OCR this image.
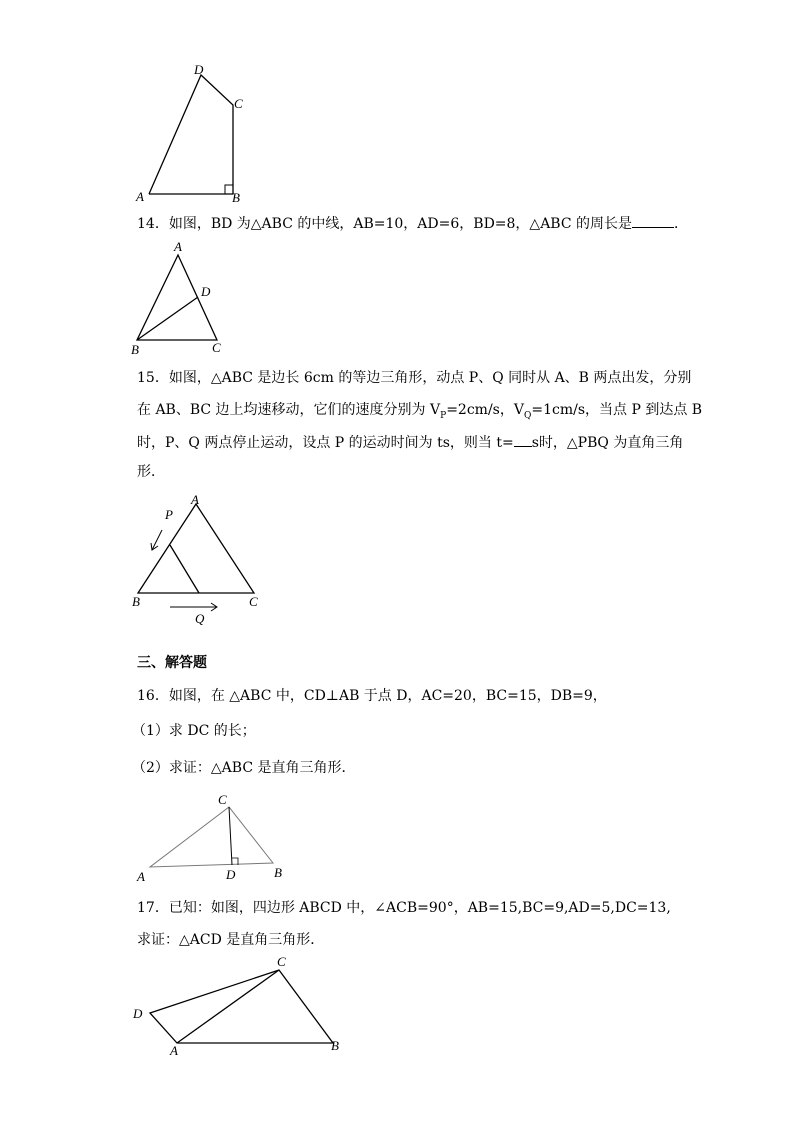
D
C
A	B
14．如图，BD 为△ABC 的中线，AB=10，AD=6，BD=8，△ABC 的周长是	．
A
D
B	C
15．如图，△ABC 是边长 6cm 的等边三角形，动点 P、Q 同时从 A、B 两点出发，分别
在 AB、BC 边上均速移动，它们的速度分别为 $V_P=2cm/s$，$V_Q=1cm/s$，当点 P 到达点 B
时，P、Q 两点停止运动，设点 P 的运动时间为 ts，则当 t= s时，△PBQ 为直角三角
形．
A
P
B	C
Q
三、解答题
16．如图，在 △ABC 中，CD⊥AB 于点 D，AC=20，BC=15，DB=9，
（1）求 DC 的长；
（2）求证：△ABC 是直角三角形．
C
A	D	B
17．已知：如图，四边形 ABCD 中，∠ACB=90°，AB=15,BC=9,AD=5,DC=13,
求证：△ACD 是直角三角形．
C
D
A	B
